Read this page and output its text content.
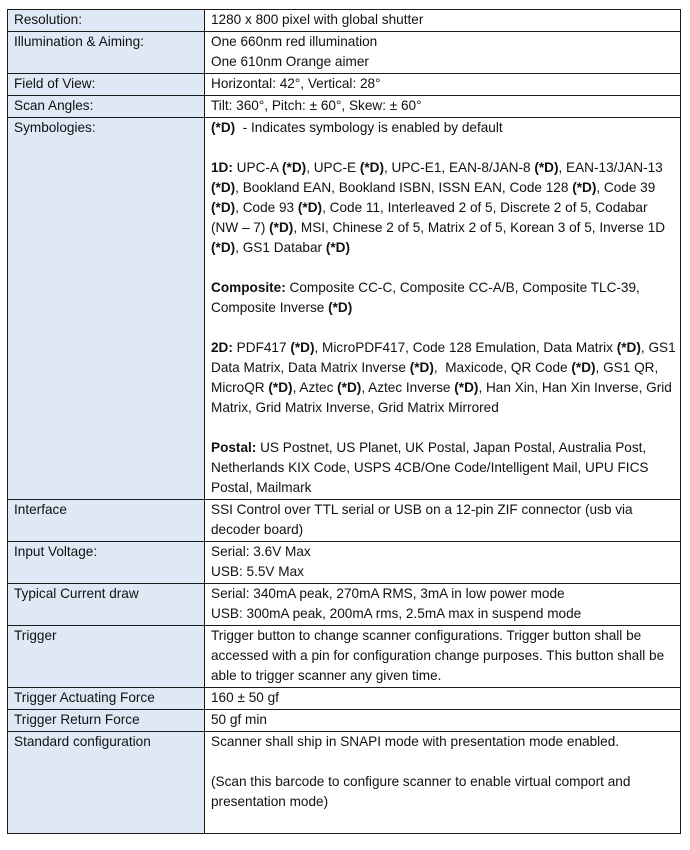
Resolution:	1280 x 800 pixel with global shutter

Illumination & Aiming:	One 660nm red illumination
One 610nm Orange aimer

Field of View:	Horizontal: 42°, Vertical: 28°

Scan Angles:	Tilt: 360°, Pitch: ± 60°, Skew: ± 60°

Symbologies:	(*D)  - Indicates symbology is enabled by default
1D: UPC-A (*D), UPC-E (*D), UPC-E1, EAN-8/JAN-8 (*D), EAN-13/JAN-13 (*D), Bookland EAN, Bookland ISBN, ISSN EAN, Code 128 (*D), Code 39 (*D), Code 93 (*D), Code 11, Interleaved 2 of 5, Discrete 2 of 5, Codabar (NW – 7) (*D), MSI, Chinese 2 of 5, Matrix 2 of 5, Korean 3 of 5, Inverse 1D (*D), GS1 Databar (*D)
Composite: Composite CC-C, Composite CC-A/B, Composite TLC-39, Composite Inverse (*D)
2D: PDF417 (*D), MicroPDF417, Code 128 Emulation, Data Matrix (*D), GS1 Data Matrix, Data Matrix Inverse (*D),  Maxicode, QR Code (*D), GS1 QR, MicroQR (*D), Aztec (*D), Aztec Inverse (*D), Han Xin, Han Xin Inverse, Grid Matrix, Grid Matrix Inverse, Grid Matrix Mirrored
Postal: US Postnet, US Planet, UK Postal, Japan Postal, Australia Post, Netherlands KIX Code, USPS 4CB/One Code/Intelligent Mail, UPU FICS Postal, Mailmark

Interface	SSI Control over TTL serial or USB on a 12-pin ZIF connector (usb via decoder board)

Input Voltage:	Serial: 3.6V Max
USB: 5.5V Max

Typical Current draw	Serial: 340mA peak, 270mA RMS, 3mA in low power mode
USB: 300mA peak, 200mA rms, 2.5mA max in suspend mode

Trigger	Trigger button to change scanner configurations. Trigger button shall be accessed with a pin for configuration change purposes. This button shall be able to trigger scanner any given time.

Trigger Actuating Force	160 ± 50 gf

Trigger Return Force	50 gf min

Standard configuration	Scanner shall ship in SNAPI mode with presentation mode enabled.
(Scan this barcode to configure scanner to enable virtual comport and presentation mode)
